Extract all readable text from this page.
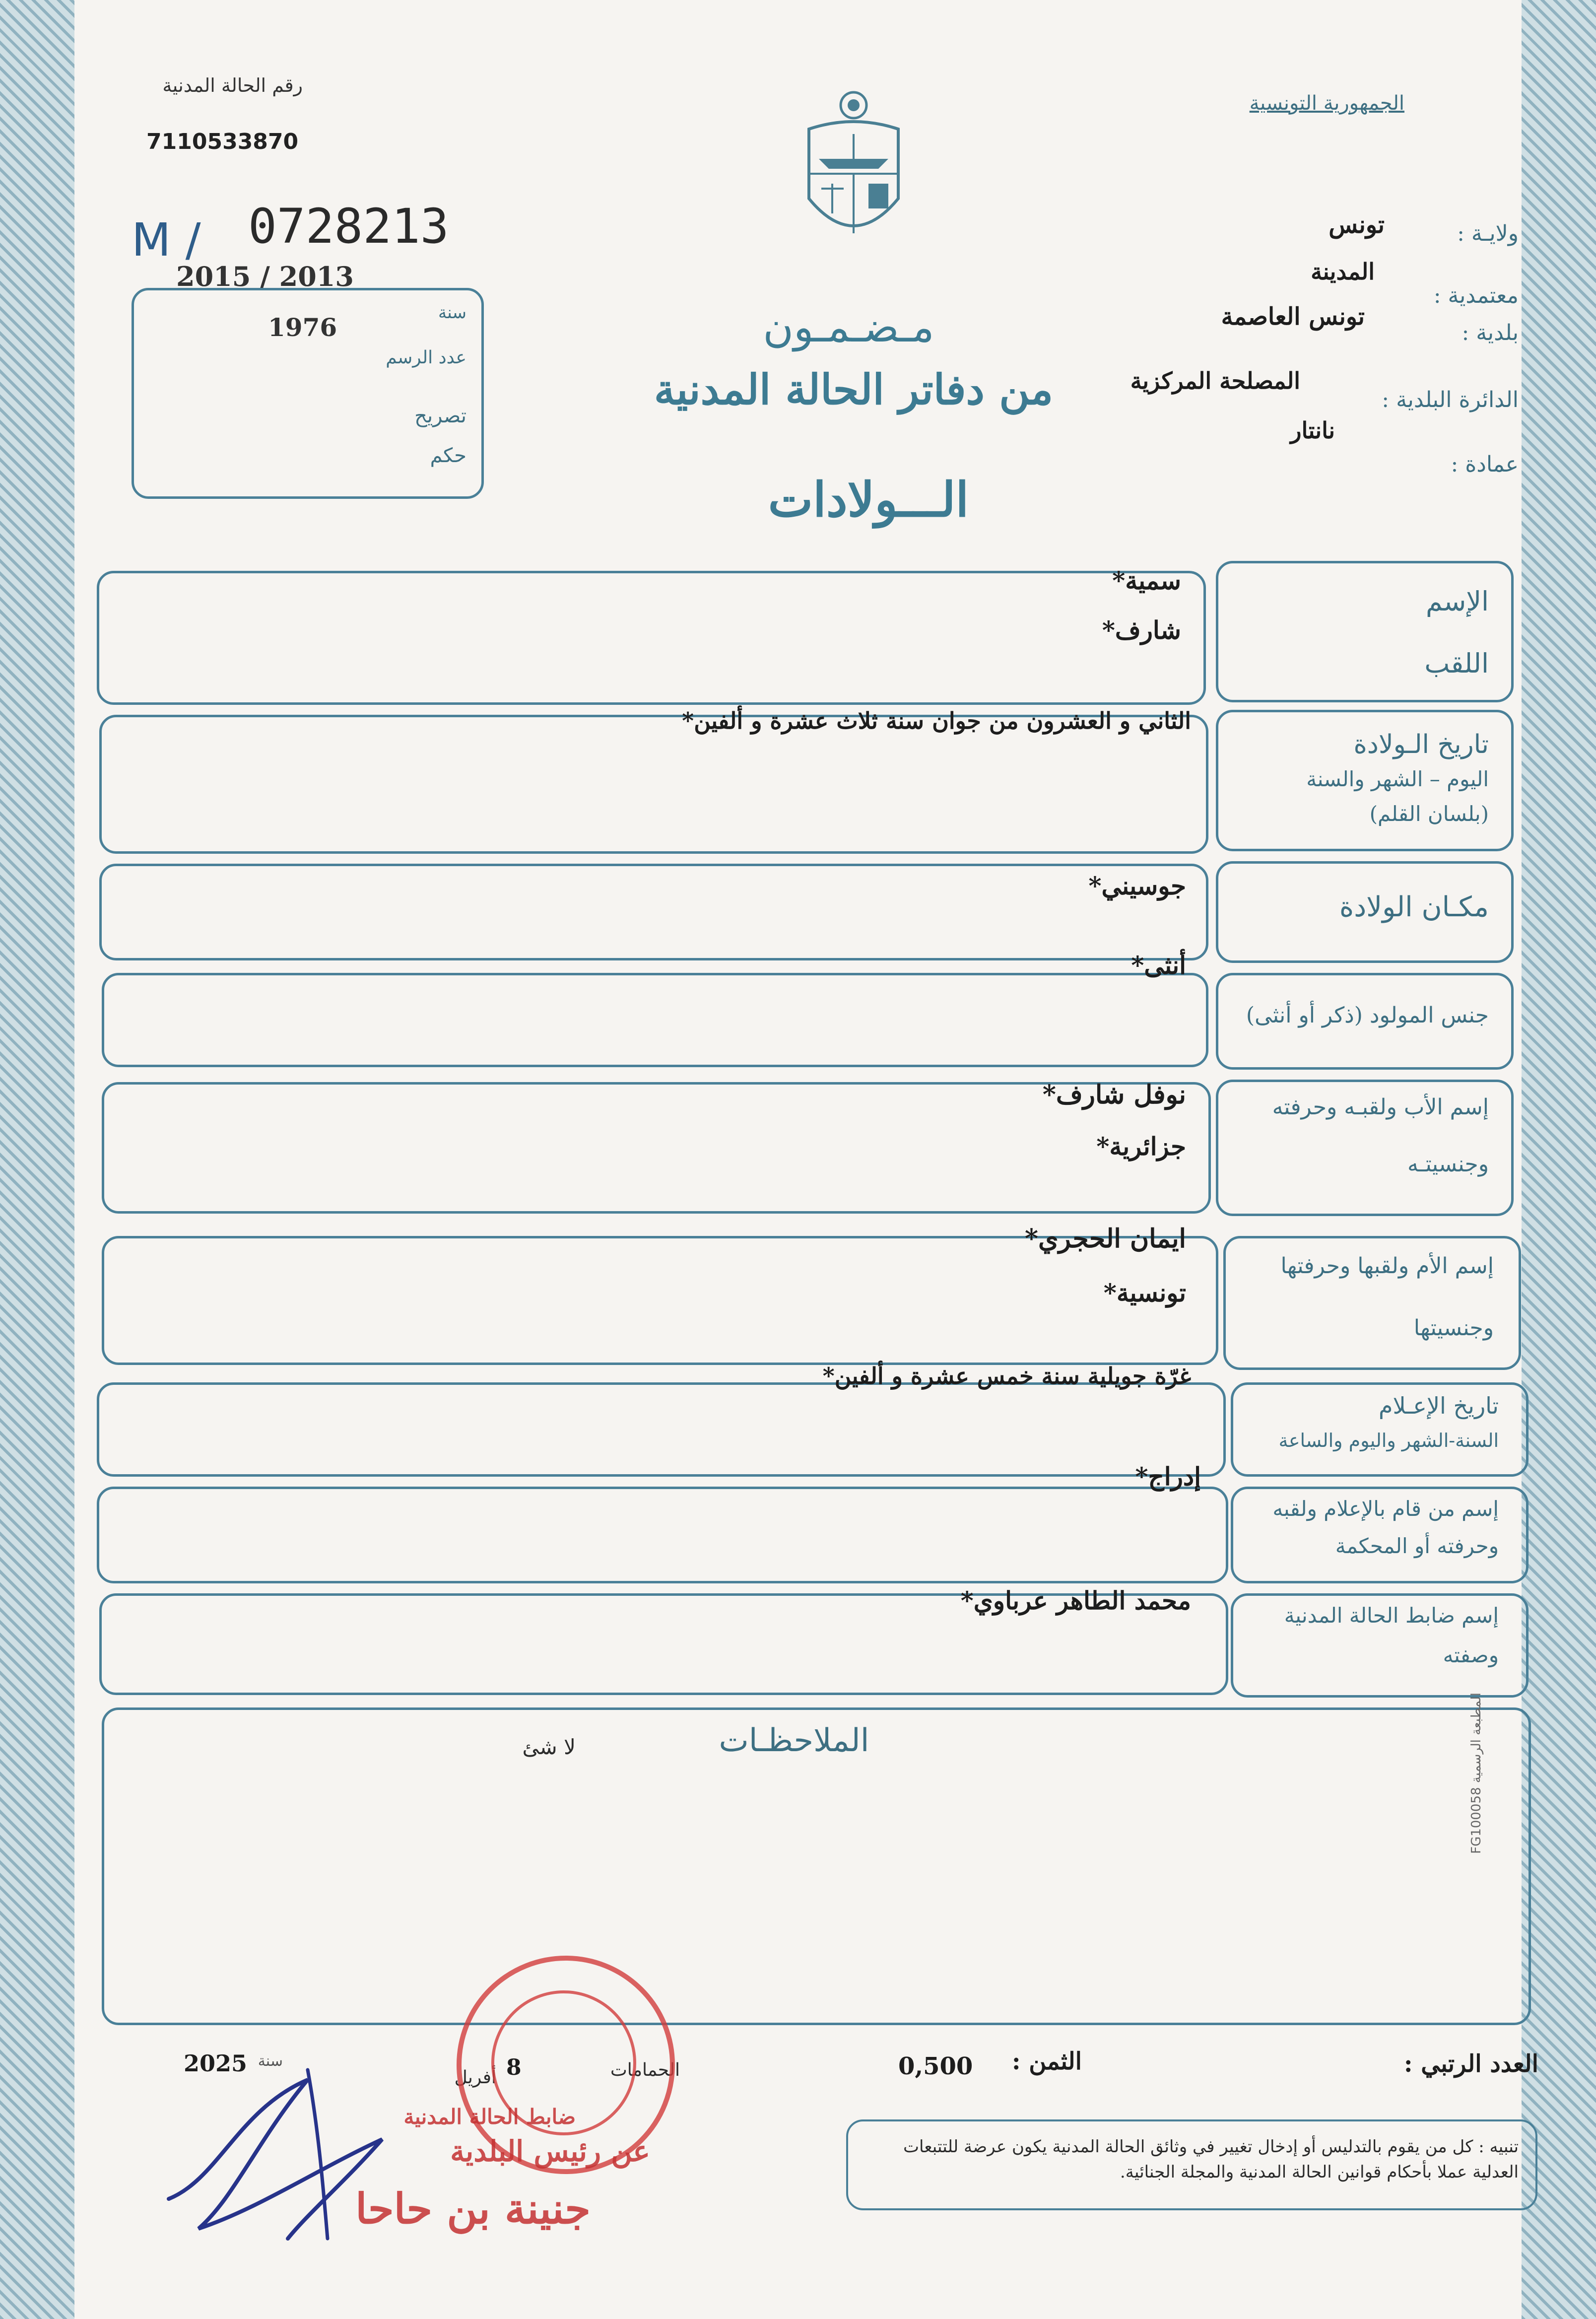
رقم الحالة المدنية
7110533870
M / 0728213
2015 / 2013
1976	سنة
عدد الرسم
تصريح
حكم
الجمهورية التونسية
ولايـة :
تونس
المدينة
معتمدية :
تونس العاصمة
بلدية :
المصلحة المركزية
الدائرة البلدية :
نانتار
عمادة :
مـضـمـون
من دفاتر الحالة المدنية
الـــولادات
الإسم
اللقب
سمية*
شارف*
تاريخ الـولادة
اليوم – الشهر والسنة
(بلسان القلم)
الثاني و العشرون من جوان سنة ثلاث عشرة و ألفين*
مكـان الولادة
جوسيني*
جنس المولود (ذكر أو أنثى)
أنثى*
إسم الأب ولقبـه وحرفته
وجنسيتـه
نوفل شارف*
جزائرية*
إسم الأم ولقبها وحرفتها
وجنسيتها
ايمان الحجري*
تونسية*
تاريخ الإعـلام
السنة-الشهر واليوم والساعة
غرّة جويلية سنة خمس عشرة و ألفين*
إسم من قام بالإعلام ولقبه
وحرفته أو المحكمة
إدراج*
إسم ضابط الحالة المدنية
وصفته
محمد الطاهر عرباوي*
الملاحظـات
لا شئ
المطبعة الرسمية FG100058
العدد الرتبي :
الثمن :
0,500
الحمامات
8
أفريل
سنة
2025
تنبيه : كل من يقوم بالتدليس أو إدخال تغيير في وثائق الحالة المدنية يكون عرضة للتتبعات العدلية عملا بأحكام قوانين الحالة المدنية والمجلة الجنائية.
ضابط الحالة المدنية
عن رئيس البلدية
جنينة بن حاحا
